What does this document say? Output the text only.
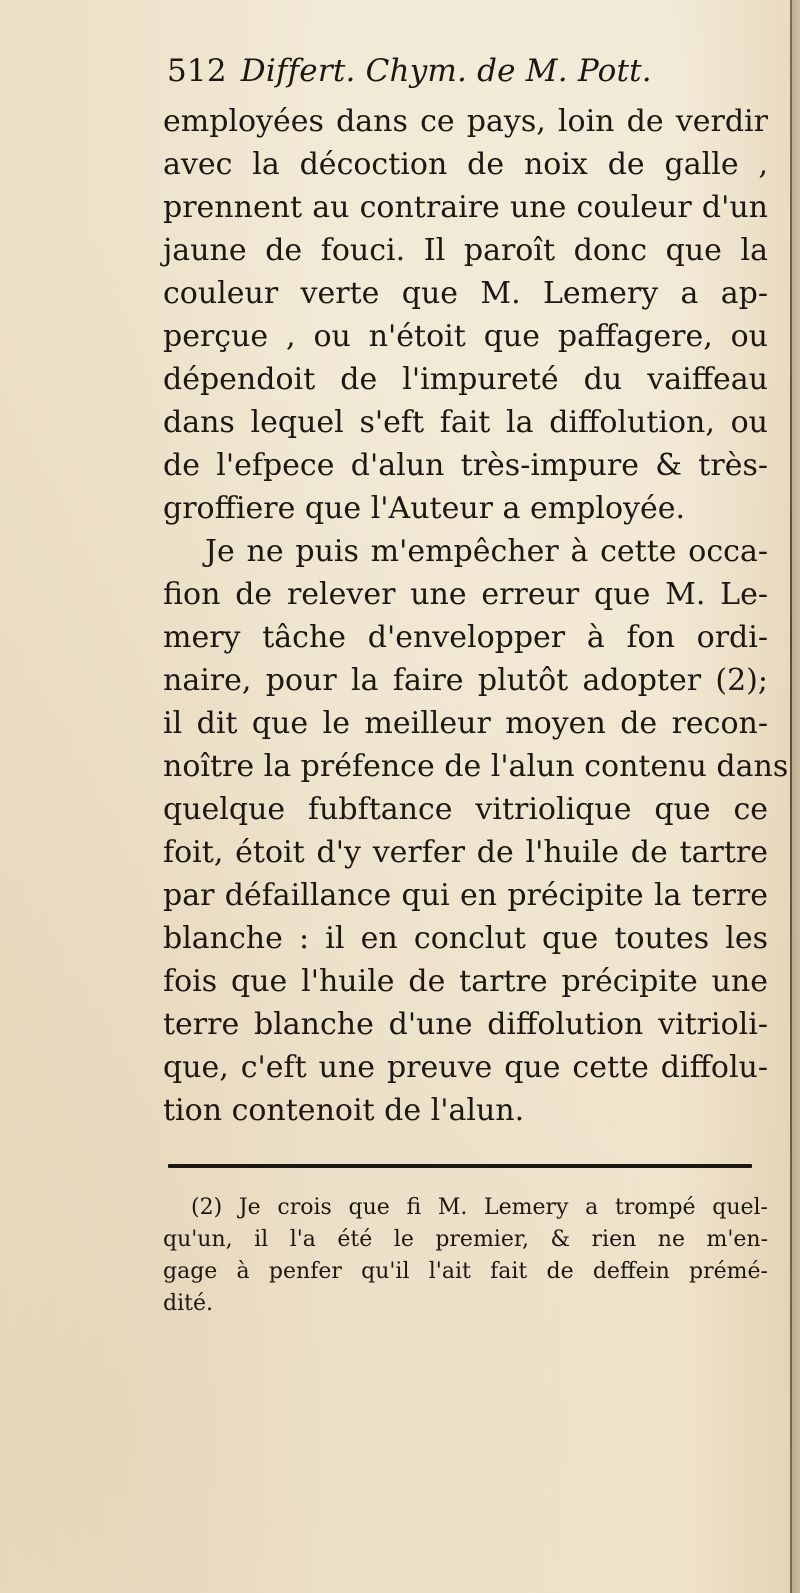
512 Differt. Chym. de M. Pott.
employées dans ce pays, loin de verdir
avec la décoction de noix de galle ,
prennent au contraire une couleur d'un
jaune de fouci. Il paroît donc que la
couleur verte que M. Lemery a ap-
perçue , ou n'étoit que paffagere, ou
dépendoit de l'impureté du vaiffeau
dans lequel s'eft fait la diffolution, ou
de l'efpece d'alun très-impure & très-
groffiere que l'Auteur a employée.
Je ne puis m'empêcher à cette occa-
fion de relever une erreur que M. Le-
mery tâche d'envelopper à fon ordi-
naire, pour la faire plutôt adopter (2);
il dit que le meilleur moyen de recon-
noître la préfence de l'alun contenu dans
quelque fubftance vitriolique que ce
foit, étoit d'y verfer de l'huile de tartre
par défaillance qui en précipite la terre
blanche : il en conclut que toutes les
fois que l'huile de tartre précipite une
terre blanche d'une diffolution vitrioli-
que, c'eft une preuve que cette diffolu-
tion contenoit de l'alun.
(2) Je crois que fi M. Lemery a trompé quel-
qu'un, il l'a été le premier, & rien ne m'en-
gage à penfer qu'il l'ait fait de deffein prémé-
dité.
